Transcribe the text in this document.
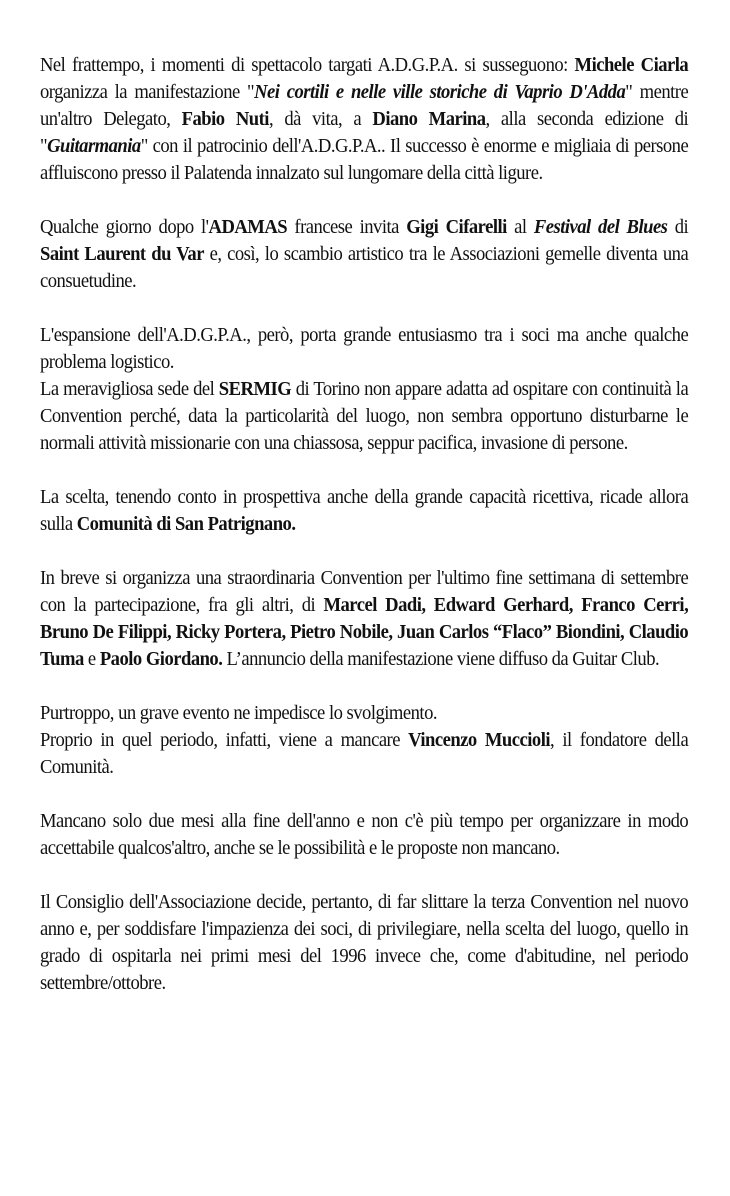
Nel frattempo, i momenti di spettacolo targati A.D.G.P.A. si susseguono: Michele Ciarla organizza la manifestazione "Nei cortili e nelle ville storiche di Vaprio D'Adda" mentre un'altro Delegato, Fabio Nuti, dà vita, a Diano Marina, alla seconda edizione di "Guitarmania" con il patrocinio dell'A.D.G.P.A.. Il successo è enorme e migliaia di persone affluiscono presso il Palatenda innalzato sul lungomare della città ligure.

Qualche giorno dopo l'ADAMAS francese invita Gigi Cifarelli al Festival del Blues di Saint Laurent du Var e, così, lo scambio artistico tra le Associazioni gemelle diventa una consuetudine.

L'espansione dell'A.D.G.P.A., però, porta grande entusiasmo tra i soci ma anche qualche problema logistico.

La meravigliosa sede del SERMIG di Torino non appare adatta ad ospitare con continuità la Convention perché, data la particolarità del luogo, non sembra opportuno disturbarne le normali attività missionarie con una chiassosa, seppur pacifica, invasione di persone.

La scelta, tenendo conto in prospettiva anche della grande capacità ricettiva, ricade allora sulla Comunità di San Patrignano.

In breve si organizza una straordinaria Convention per l'ultimo fine settimana di settembre con la partecipazione, fra gli altri, di Marcel Dadi, Edward Gerhard, Franco Cerri, Bruno De Filippi, Ricky Portera, Pietro Nobile, Juan Carlos “Flaco” Biondini, Claudio Tuma e Paolo Giordano. L’annuncio della manifestazione viene diffuso da Guitar Club.

Purtroppo, un grave evento ne impedisce lo svolgimento.

Proprio in quel periodo, infatti, viene a mancare Vincenzo Muccioli, il fondatore della Comunità.

Mancano solo due mesi alla fine dell'anno e non c'è più tempo per organizzare in modo accettabile qualcos'altro, anche se le possibilità e le proposte non mancano.

Il Consiglio dell'Associazione decide, pertanto, di far slittare la terza Convention nel nuovo anno e, per soddisfare l'impazienza dei soci, di privilegiare, nella scelta del luogo, quello in grado di ospitarla nei primi mesi del 1996 invece che, come d'abitudine, nel periodo settembre/ottobre.
